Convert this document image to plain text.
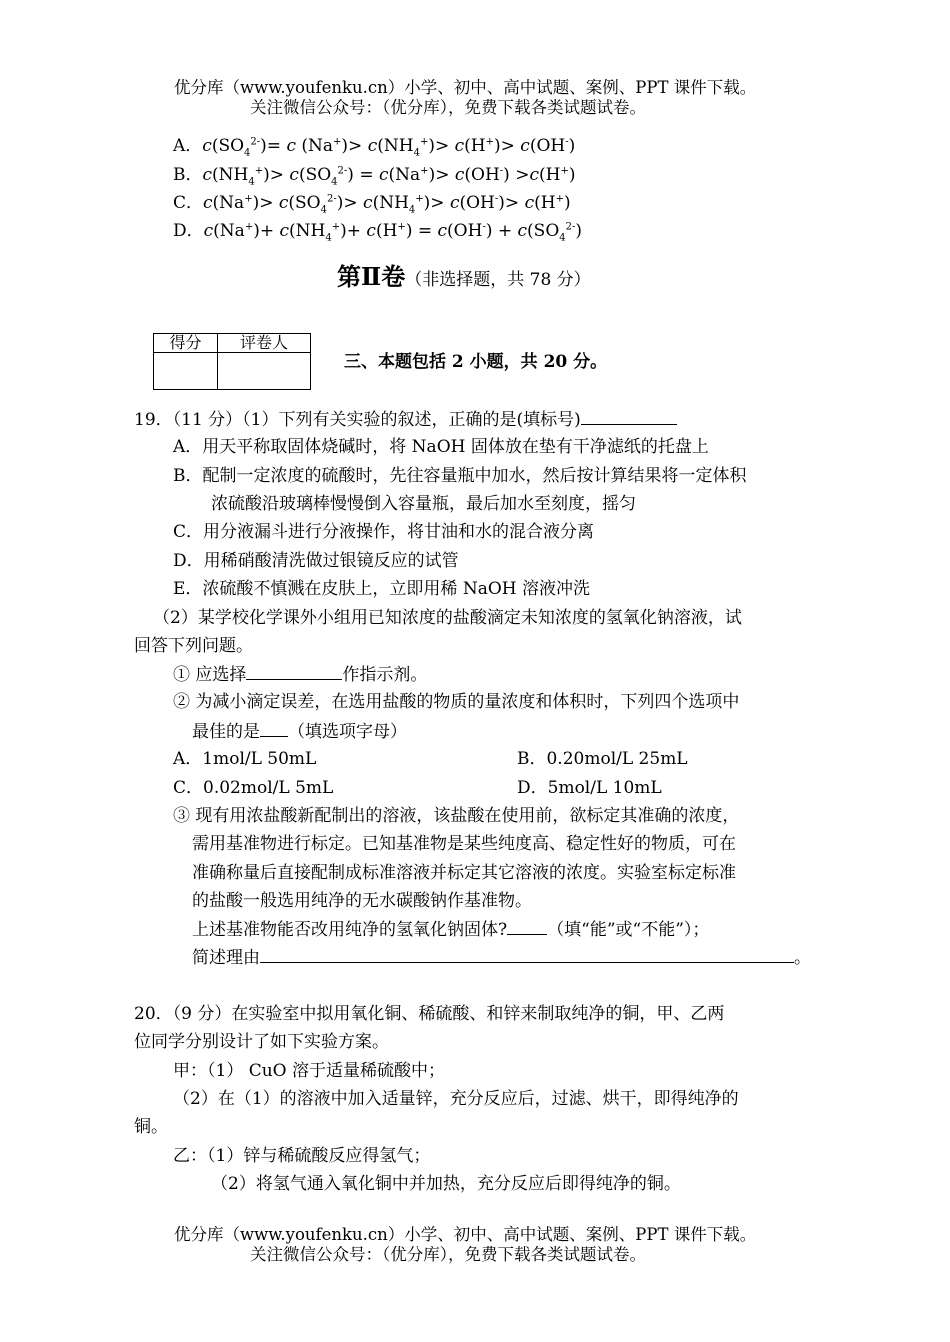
优分库（www.youfenku.cn）小学、初中、高中试题、案例、PPT 课件下载。
关注微信公众号：（优分库），免费下载各类试题试卷。
A．$c(SO_4^{2-})= c$ $(Na^+)> c(NH_4^+)> c(H^+)> c(OH^-)$
B．$c(NH_4^+)> c(SO_4^{2-}) = c(Na^+)> c(OH^-) >c(H^+)$
C．$c(Na^+)> c(SO_4^{2-})> c(NH_4^+)> c(OH^-)> c(H^+)$
D．$c(Na^+)+ c(NH_4^+)+ c(H^+) = c(OH^-) + c(SO_4^{2-})$
第Ⅱ卷（非选择题，共 78 分）
得分	评卷人

三、本题包括 2 小题，共 20 分。
19．（11 分）（1）下列有关实验的叙述，正确的是(填标号)
A．用天平称取固体烧碱时，将 NaOH 固体放在垫有干净滤纸的托盘上
B．配制一定浓度的硫酸时，先往容量瓶中加水，然后按计算结果将一定体积
浓硫酸沿玻璃棒慢慢倒入容量瓶，最后加水至刻度，摇匀
C．用分液漏斗进行分液操作，将甘油和水的混合液分离
D．用稀硝酸清洗做过银镜反应的试管
E．浓硫酸不慎溅在皮肤上，立即用稀 NaOH 溶液冲洗
（2）某学校化学课外小组用已知浓度的盐酸滴定未知浓度的氢氧化钠溶液，试
回答下列问题。
① 应选择	作指示剂。
② 为减小滴定误差，在选用盐酸的物质的量浓度和体积时，下列四个选项中
最佳的是 （填选项字母）
A．1mol/L 50mL	B．0.20mol/L 25mL
C．0.02mol/L 5mL	D．5mol/L 10mL
③ 现有用浓盐酸新配制出的溶液，该盐酸在使用前，欲标定其准确的浓度，
需用基准物进行标定。已知基准物是某些纯度高、稳定性好的物质，可在
准确称量后直接配制成标准溶液并标定其它溶液的浓度。实验室标定标准
的盐酸一般选用纯净的无水碳酸钠作基准物。
上述基准物能否改用纯净的氢氧化钠固体? （填“能”或“不能”）；
简述理由	。
20．（9 分）在实验室中拟用氧化铜、稀硫酸、和锌来制取纯净的铜，甲、乙两
位同学分别设计了如下实验方案。
甲：（1） CuO 溶于适量稀硫酸中；
（2）在（1）的溶液中加入适量锌，充分反应后，过滤、烘干，即得纯净的
铜。
乙：（1）锌与稀硫酸反应得氢气；
（2）将氢气通入氧化铜中并加热，充分反应后即得纯净的铜。
优分库（www.youfenku.cn）小学、初中、高中试题、案例、PPT 课件下载。
关注微信公众号：（优分库），免费下载各类试题试卷。
